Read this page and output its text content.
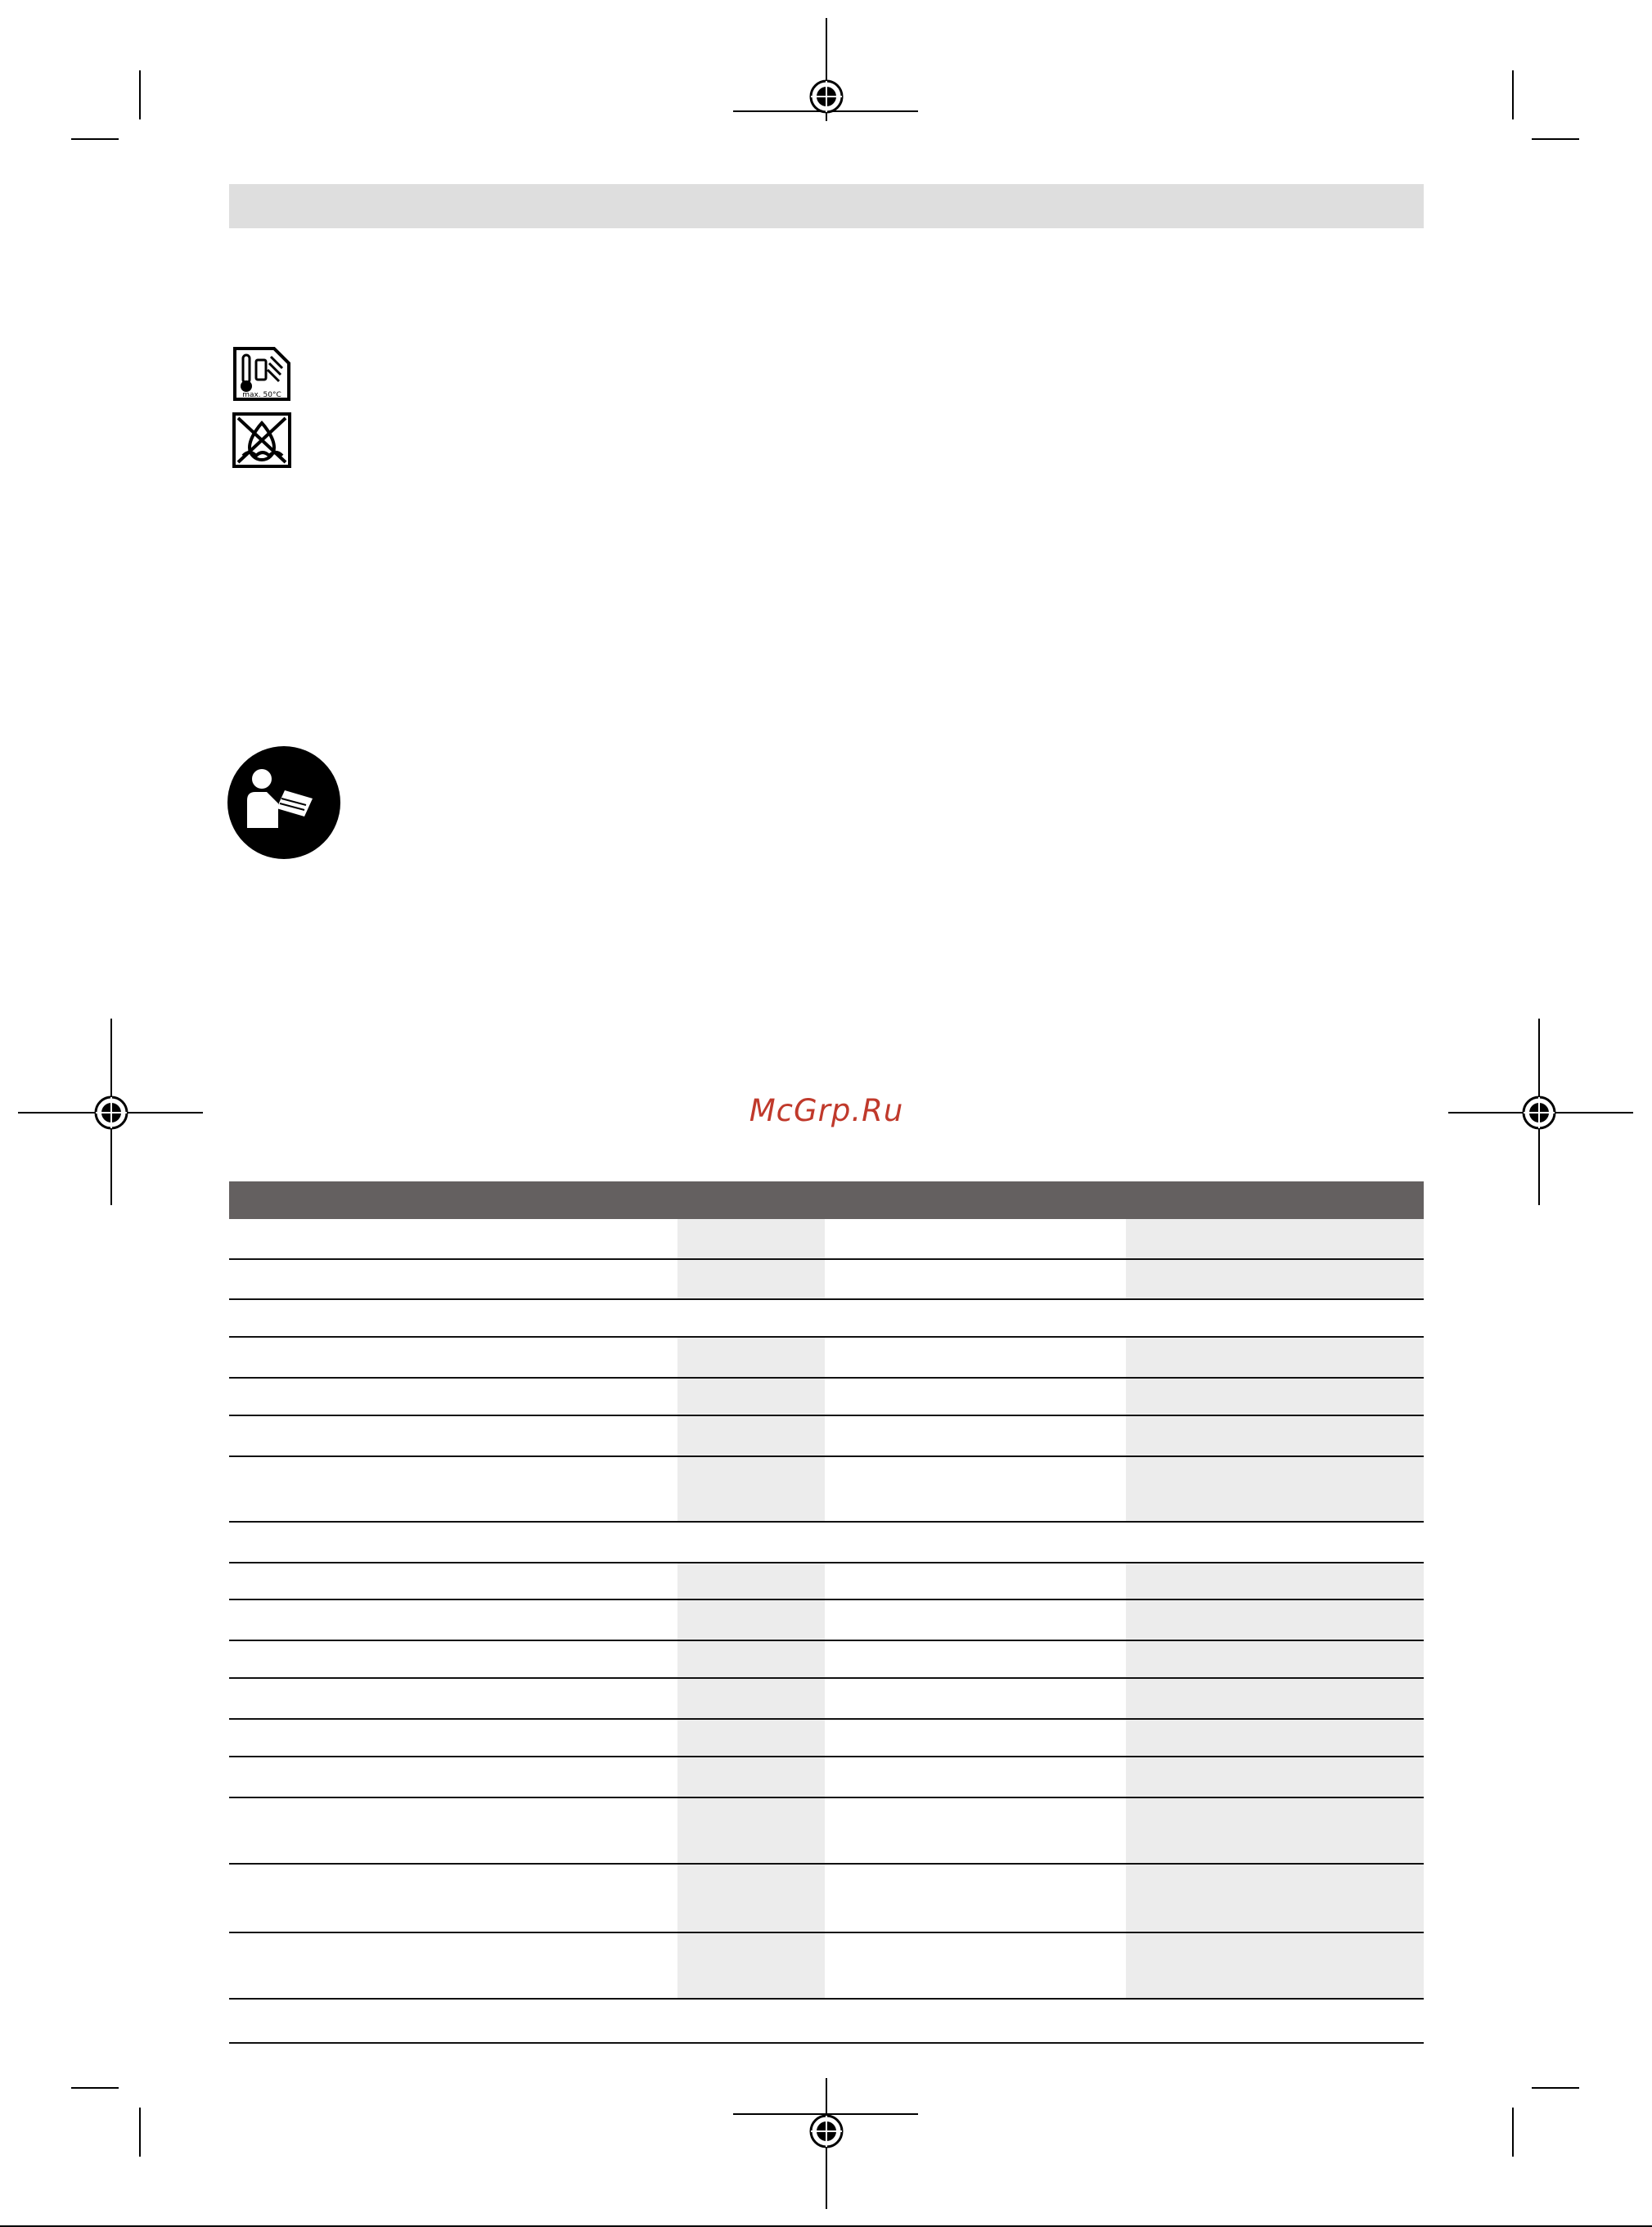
max. 50°C
McGrp.Ru
